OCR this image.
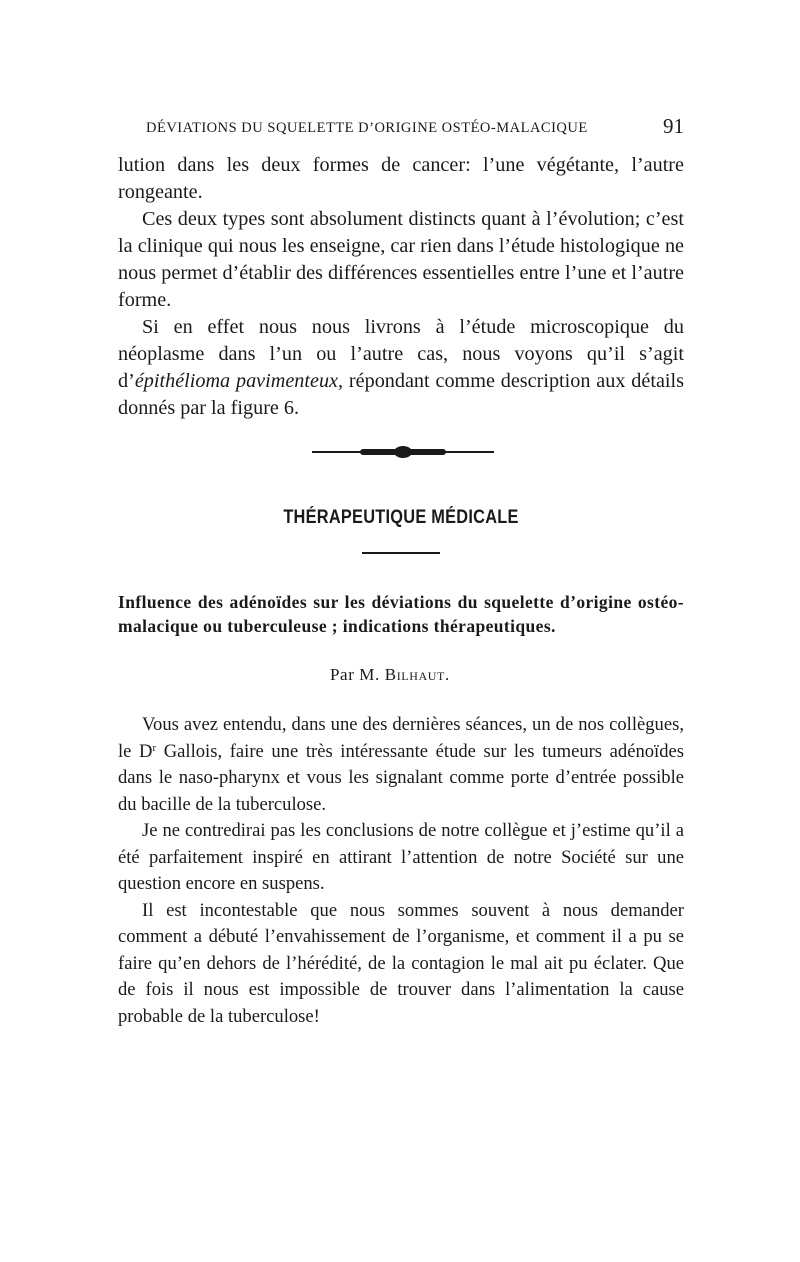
DÉVIATIONS DU SQUELETTE D’ORIGINE OSTÉO-MALACIQUE	91

lution dans les deux formes de cancer: l’une végétante, l’autre rongeante.

Ces deux types sont absolument distincts quant à l’évolution; c’est la clinique qui nous les enseigne, car rien dans l’étude histologique ne nous permet d’établir des différences essentielles entre l’une et l’autre forme.

Si en effet nous nous livrons à l’étude microscopique du néoplasme dans l’un ou l’autre cas, nous voyons qu’il s’agit d’épithélioma pavimenteux, répondant comme description aux détails donnés par la figure 6.

THÉRAPEUTIQUE MÉDICALE
Influence des adénoïdes sur les déviations du squelette d’origine ostéo-malacique ou tuberculeuse ; indications thérapeutiques.
Par M. Bilhaut.

Vous avez entendu, dans une des dernières séances, un de nos collègues, le $D^r$ Gallois, faire une très intéressante étude sur les tumeurs adénoïdes dans le naso-pharynx et vous les signalant comme porte d’entrée possible du bacille de la tuberculose.

Je ne contredirai pas les conclusions de notre collègue et j’estime qu’il a été parfaitement inspiré en attirant l’attention de notre Société sur une question encore en suspens.

Il est incontestable que nous sommes souvent à nous demander comment a débuté l’envahissement de l’organisme, et comment il a pu se faire qu’en dehors de l’hérédité, de la contagion le mal ait pu éclater. Que de fois il nous est impossible de trouver dans l’alimentation la cause probable de la tuberculose!
